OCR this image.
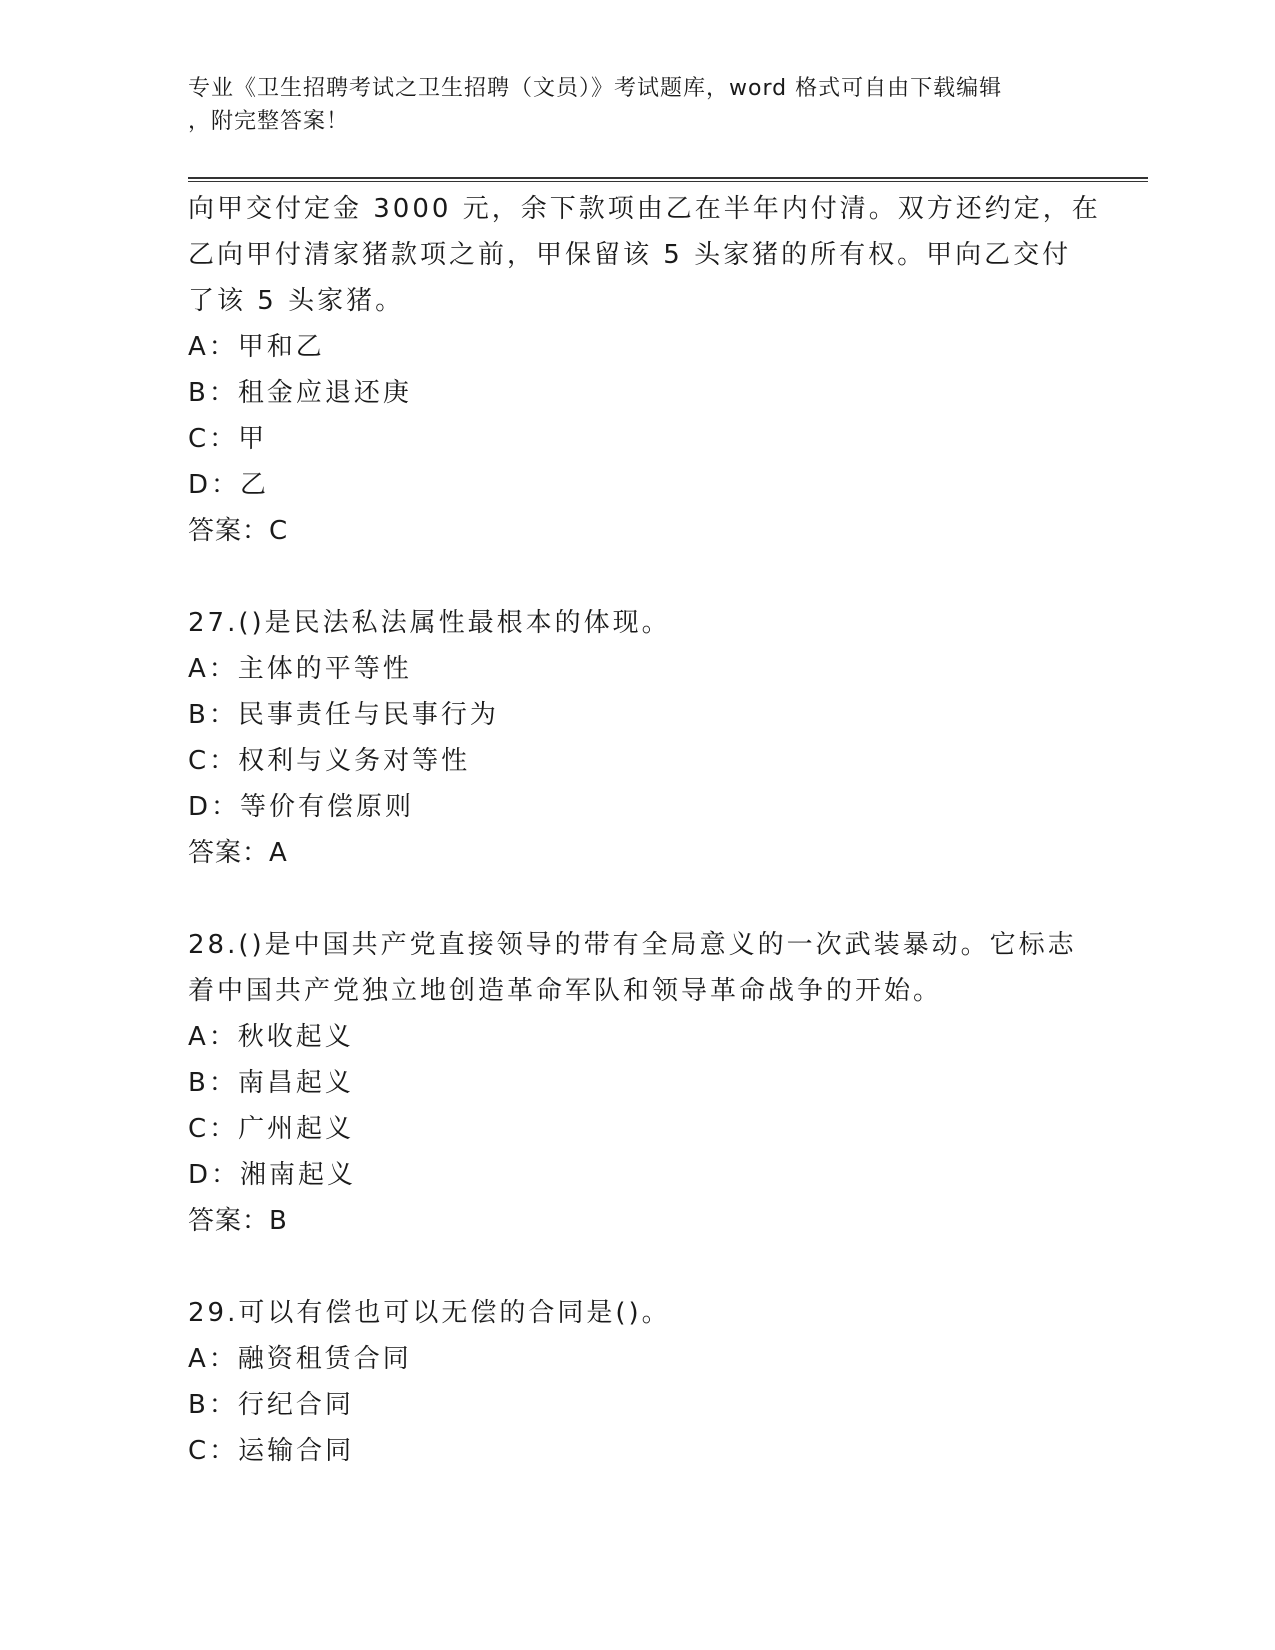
专业《卫生招聘考试之卫生招聘（文员）》考试题库，word 格式可自由下载编辑
，附完整答案！
向甲交付定金 3000 元，余下款项由乙在半年内付清。双方还约定，在
乙向甲付清家猪款项之前，甲保留该 5 头家猪的所有权。甲向乙交付
了该 5 头家猪。
A：甲和乙
B：租金应退还庚
C：甲
D：乙
答案：C
27.()是民法私法属性最根本的体现。
A：主体的平等性
B：民事责任与民事行为
C：权利与义务对等性
D：等价有偿原则
答案：A
28.()是中国共产党直接领导的带有全局意义的一次武装暴动。它标志
着中国共产党独立地创造革命军队和领导革命战争的开始。
A：秋收起义
B：南昌起义
C：广州起义
D：湘南起义
答案：B
29.可以有偿也可以无偿的合同是()。
A：融资租赁合同
B：行纪合同
C：运输合同
